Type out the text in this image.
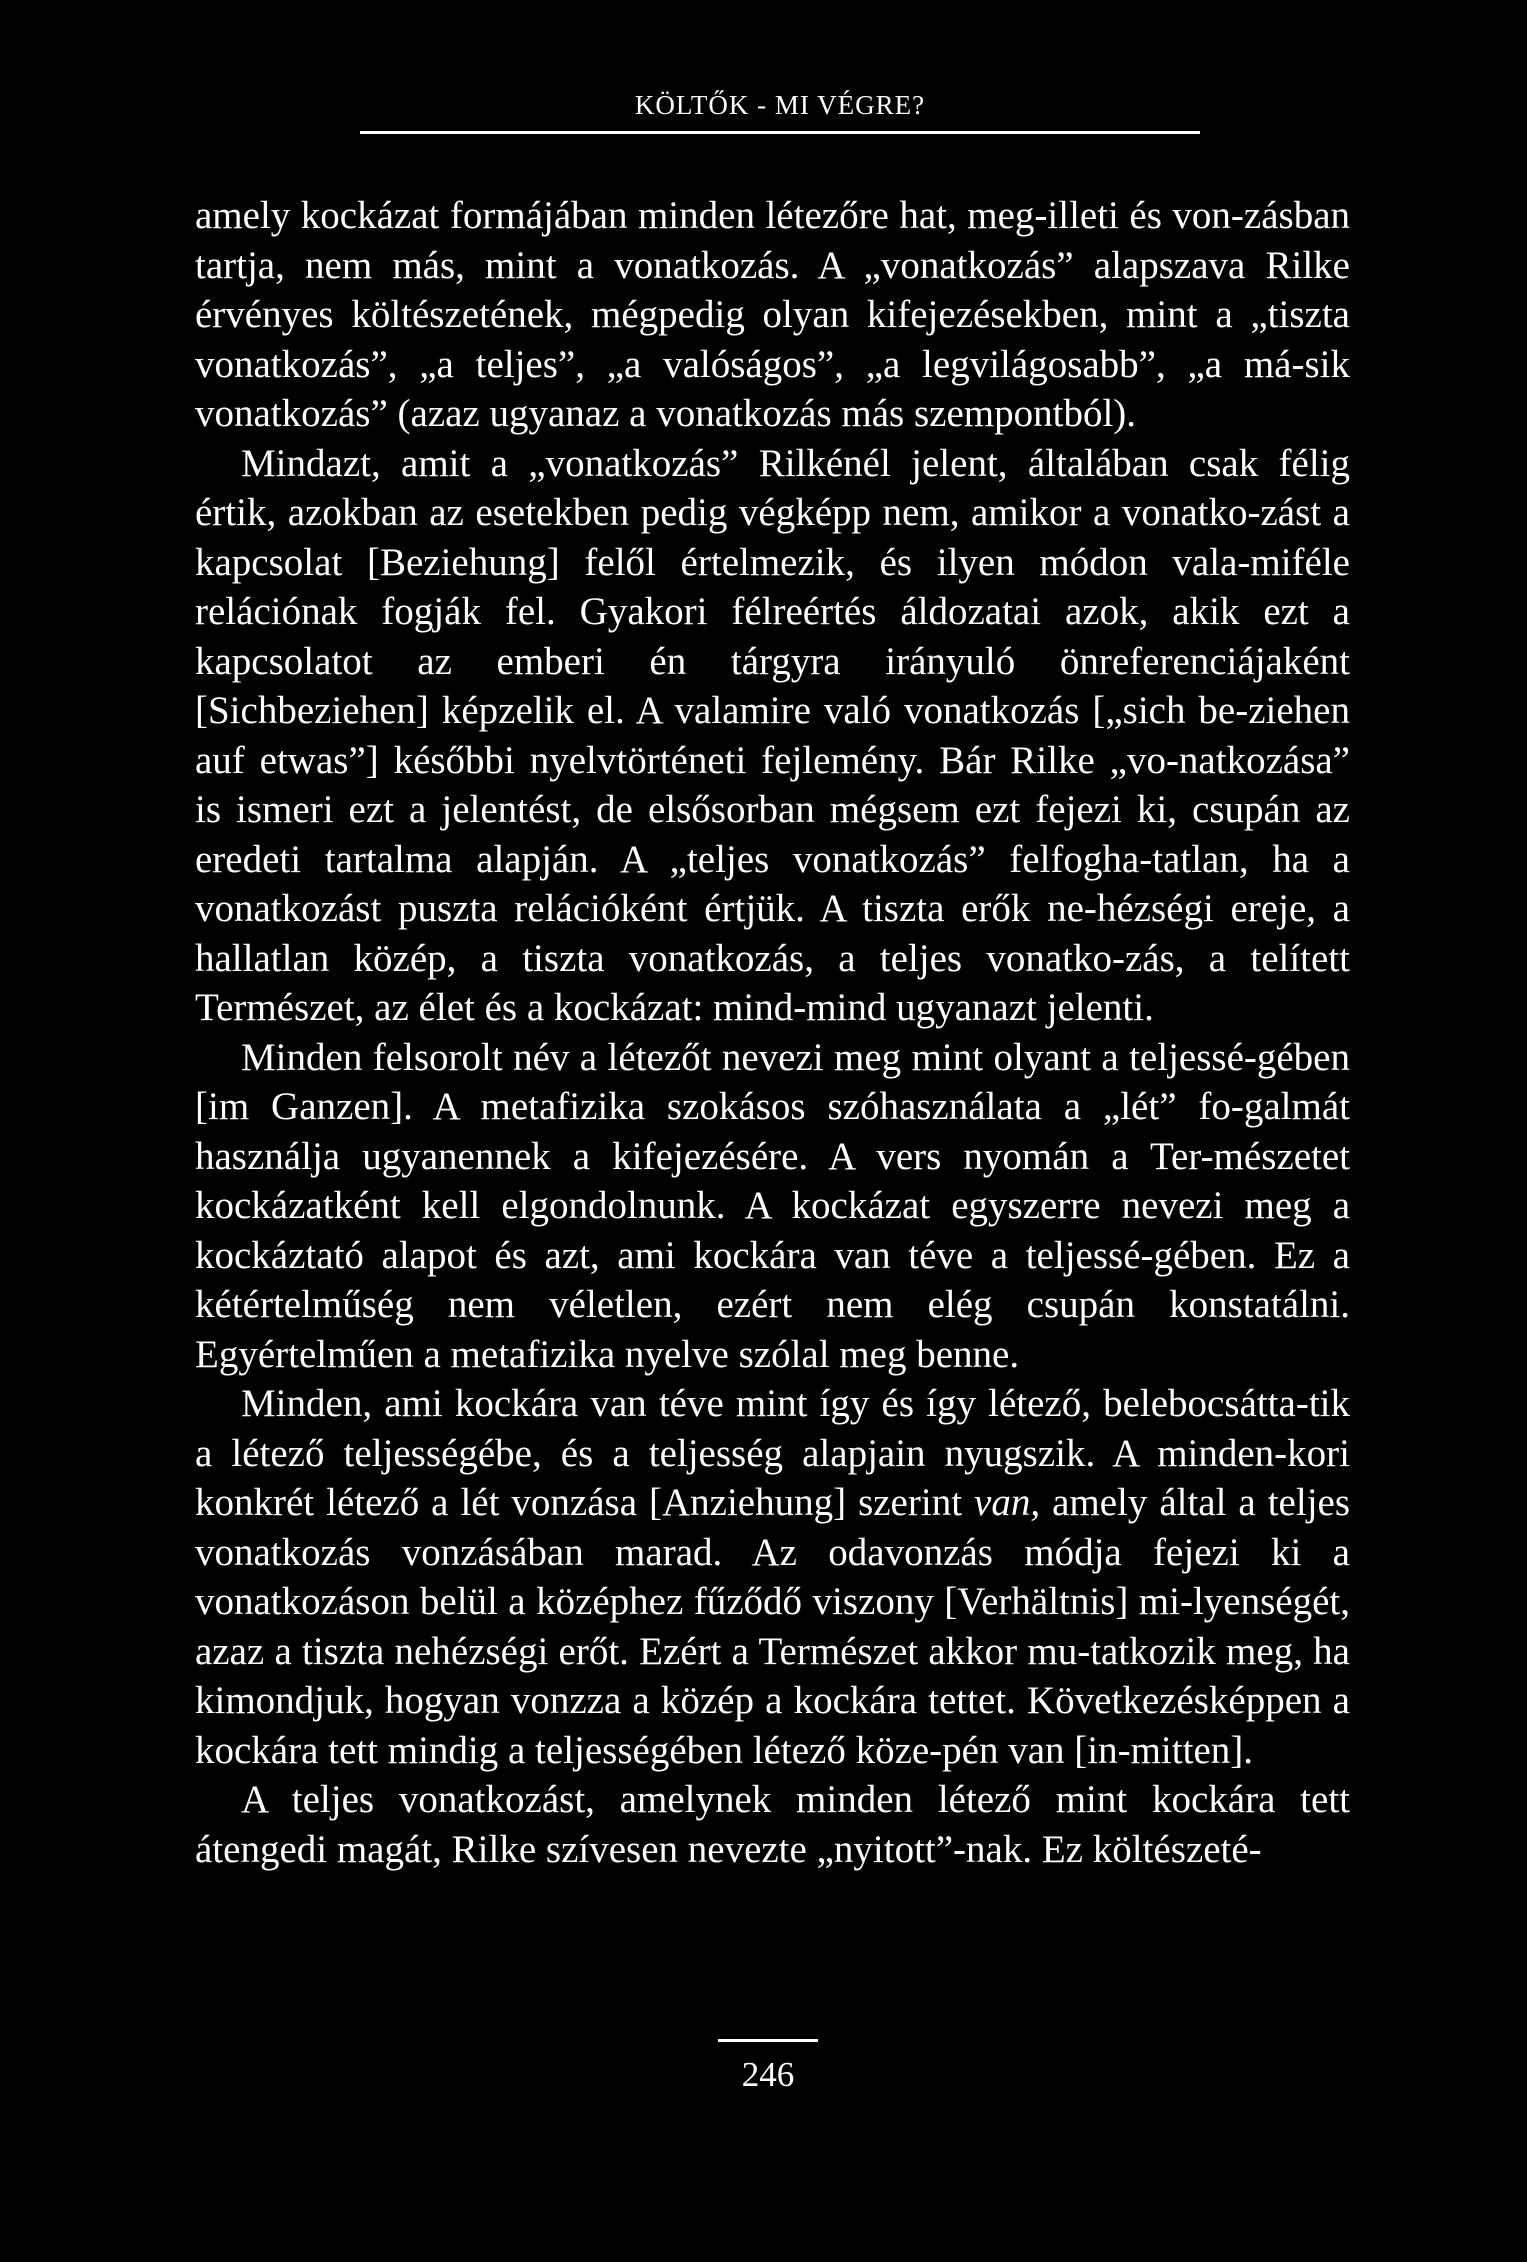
KÖLTŐK - MI VÉGRE?

amely kockázat formájában minden létezőre hat, meg-illeti és von-zásban tartja, nem más, mint a vonatkozás. A „vonatkozás” alapszava Rilke érvényes költészetének, mégpedig olyan kifejezésekben, mint a „tiszta vonatkozás”, „a teljes”, „a valóságos”, „a legvilágosabb”, „a má-sik vonatkozás” (azaz ugyanaz a vonatkozás más szempontból).

Mindazt, amit a „vonatkozás” Rilkénél jelent, általában csak félig értik, azokban az esetekben pedig végképp nem, amikor a vonatko-zást a kapcsolat [Beziehung] felől értelmezik, és ilyen módon vala-miféle relációnak fogják fel. Gyakori félreértés áldozatai azok, akik ezt a kapcsolatot az emberi én tárgyra irányuló önreferenciájaként [Sichbeziehen] képzelik el. A valamire való vonatkozás [„sich be-ziehen auf etwas”] későbbi nyelvtörténeti fejlemény. Bár Rilke „vo-natkozása” is ismeri ezt a jelentést, de elsősorban mégsem ezt fejezi ki, csupán az eredeti tartalma alapján. A „teljes vonatkozás” felfogha-tatlan, ha a vonatkozást puszta relációként értjük. A tiszta erők ne-hézségi ereje, a hallatlan közép, a tiszta vonatkozás, a teljes vonatko-zás, a telített Természet, az élet és a kockázat: mind-mind ugyanazt jelenti.

Minden felsorolt név a létezőt nevezi meg mint olyant a teljessé-gében [im Ganzen]. A metafizika szokásos szóhasználata a „lét” fo-galmát használja ugyanennek a kifejezésére. A vers nyomán a Ter-mészetet kockázatként kell elgondolnunk. A kockázat egyszerre nevezi meg a kockáztató alapot és azt, ami kockára van téve a teljessé-gében. Ez a kétértelműség nem véletlen, ezért nem elég csupán konstatálni. Egyértelműen a metafizika nyelve szólal meg benne.

Minden, ami kockára van téve mint így és így létező, belebocsátta-tik a létező teljességébe, és a teljesség alapjain nyugszik. A minden-kori konkrét létező a lét vonzása [Anziehung] szerint van, amely által a teljes vonatkozás vonzásában marad. Az odavonzás módja fejezi ki a vonatkozáson belül a középhez fűződő viszony [Verhältnis] mi-lyenségét, azaz a tiszta nehézségi erőt. Ezért a Természet akkor mu-tatkozik meg, ha kimondjuk, hogyan vonzza a közép a kockára tettet. Következésképpen a kockára tett mindig a teljességében létező köze-pén van [in-mitten].

A teljes vonatkozást, amelynek minden létező mint kockára tett átengedi magát, Rilke szívesen nevezte „nyitott”-nak. Ez költészeté-

246
